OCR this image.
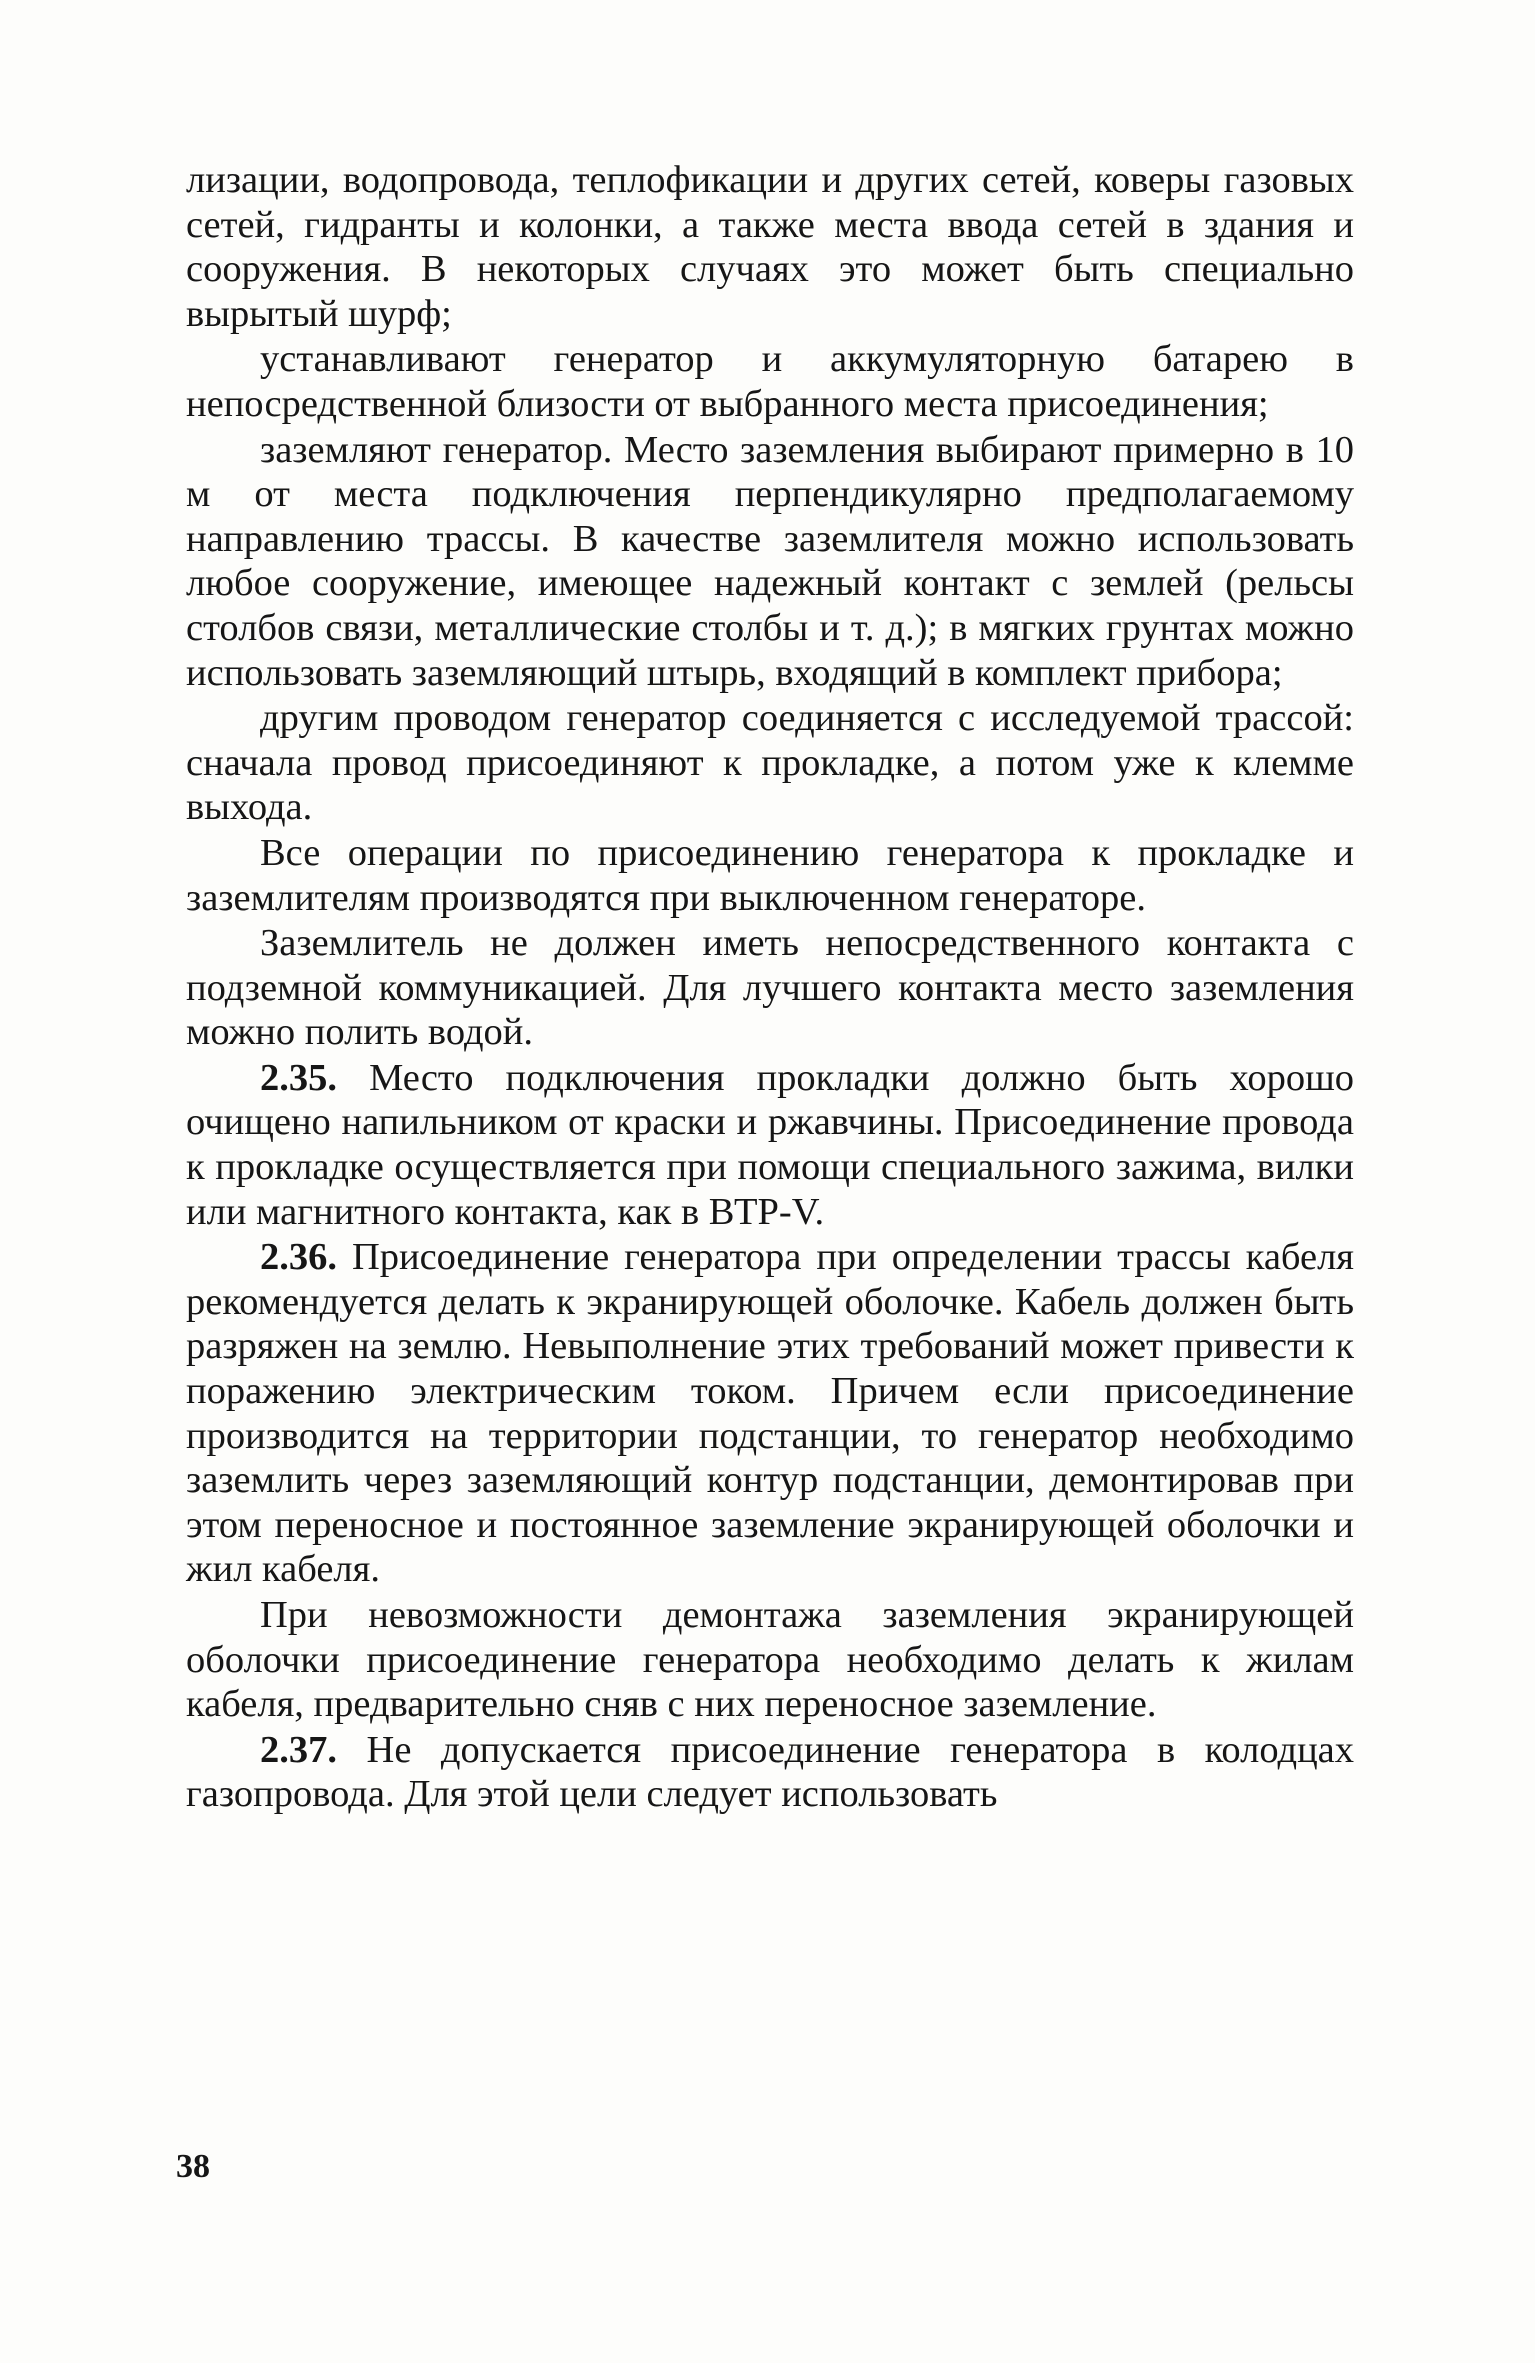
лизации, водопровода, теплофикации и других сетей, коверы газовых сетей, гидранты и колонки, а также места ввода сетей в здания и сооружения. В некоторых случаях это может быть специально вырытый шурф;

устанавливают генератор и аккумуляторную батарею в непосредственной близости от выбранного места присоединения;

заземляют генератор. Место заземления выбирают примерно в 10 м от места подключения перпендикулярно предполагаемому направлению трассы. В качестве заземлителя можно использовать любое сооружение, имеющее надежный контакт с землей (рельсы столбов связи, металлические столбы и т. д.); в мягких грунтах можно использовать заземляющий штырь, входящий в комплект прибора;

другим проводом генератор соединяется с исследуемой трассой: сначала провод присоединяют к прокладке, а потом уже к клемме выхода.

Все операции по присоединению генератора к прокладке и заземлителям производятся при выключенном генераторе.

Заземлитель не должен иметь непосредственного контакта с подземной коммуникацией. Для лучшего контакта место заземления можно полить водой.

2.35. Место подключения прокладки должно быть хорошо очищено напильником от краски и ржавчины. Присоединение провода к прокладке осуществляется при помощи специального зажима, вилки или магнитного контакта, как в ВТР-V.

2.36. Присоединение генератора при определении трассы кабеля рекомендуется делать к экранирующей оболочке. Кабель должен быть разряжен на землю. Невыполнение этих требований может привести к поражению электрическим током. Причем если присоединение производится на территории подстанции, то генератор необходимо заземлить через заземляющий контур подстанции, демонтировав при этом переносное и постоянное заземление экранирующей оболочки и жил кабеля.

При невозможности демонтажа заземления экранирующей оболочки присоединение генератора необходимо делать к жилам кабеля, предварительно сняв с них переносное заземление.

2.37. Не допускается присоединение генератора в колодцах газопровода. Для этой цели следует использовать

38
